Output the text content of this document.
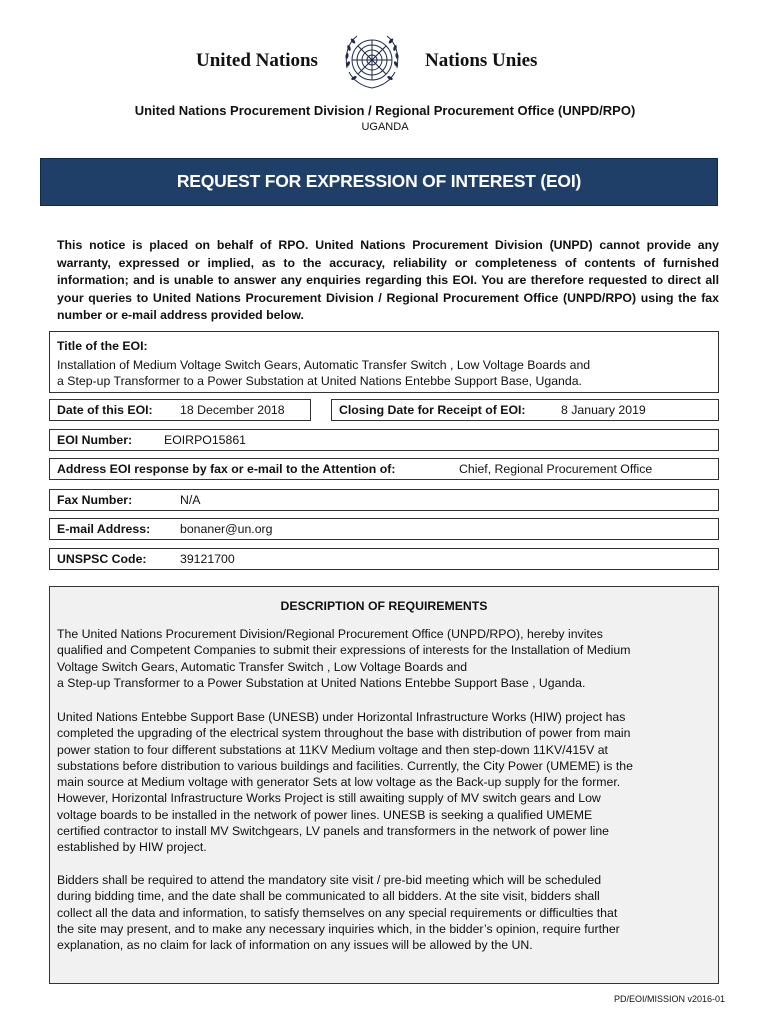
United Nations	Nations Unies
United Nations Procurement Division / Regional Procurement Office (UNPD/RPO)
UGANDA
REQUEST FOR EXPRESSION OF INTEREST (EOI)
This notice is placed on behalf of RPO. United Nations Procurement Division (UNPD) cannot provide any warranty, expressed or implied, as to the accuracy, reliability or completeness of contents of furnished information; and is unable to answer any enquiries regarding this EOI. You are therefore requested to direct all your queries to United Nations Procurement Division / Regional Procurement Office (UNPD/RPO) using the fax number or e-mail address provided below.
Title of the EOI:
Installation of Medium Voltage Switch Gears, Automatic Transfer Switch , Low Voltage Boards and
a Step-up Transformer to a Power Substation at United Nations Entebbe Support Base, Uganda.
Date of this EOI: 18 December 2018	Closing Date for Receipt of EOI:	8 January 2019
EOI Number:	EOIRPO15861
Address EOI response by fax or e-mail to the Attention of:	Chief, Regional Procurement Office
Fax Number:	N/A
E-mail Address: bonaner@un.org
UNSPSC Code:	39121700
DESCRIPTION OF REQUIREMENTS
The United Nations Procurement Division/Regional Procurement Office (UNPD/RPO), hereby invites
qualified and Competent Companies to submit their expressions of interests for the Installation of Medium
Voltage Switch Gears, Automatic Transfer Switch , Low Voltage Boards and
a Step-up Transformer to a Power Substation at United Nations Entebbe Support Base , Uganda.
United Nations Entebbe Support Base (UNESB) under Horizontal Infrastructure Works (HIW) project has
completed the upgrading of the electrical system throughout the base with distribution of power from main
power station to four different substations at 11KV Medium voltage and then step-down 11KV/415V at
substations before distribution to various buildings and facilities. Currently, the City Power (UMEME) is the
main source at Medium voltage with generator Sets at low voltage as the Back-up supply for the former.
However, Horizontal Infrastructure Works Project is still awaiting supply of MV switch gears and Low
voltage boards to be installed in the network of power lines. UNESB is seeking a qualified UMEME
certified contractor to install MV Switchgears, LV panels and transformers in the network of power line
established by HIW project.
Bidders shall be required to attend the mandatory site visit / pre-bid meeting which will be scheduled
during bidding time, and the date shall be communicated to all bidders. At the site visit, bidders shall
collect all the data and information, to satisfy themselves on any special requirements or difficulties that
the site may present, and to make any necessary inquiries which, in the bidder’s opinion, require further
explanation, as no claim for lack of information on any issues will be allowed by the UN.
PD/EOI/MISSION v2016-01
